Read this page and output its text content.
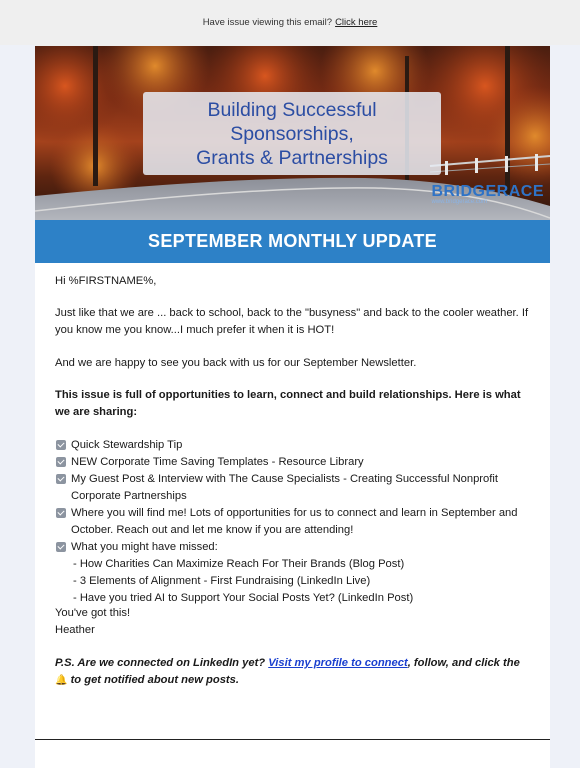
Have issue viewing this email? Click here
Building Successful
Sponsorships,
Grants & Partnerships
BRIDGERACE
www.bridgerace.com
SEPTEMBER MONTHLY UPDATE

Hi %FIRSTNAME%,

Just like that we are ... back to school, back to the "busyness" and back to the cooler weather. If you know me you know...I much prefer it when it is HOT!

And we are happy to see you back with us for our September Newsletter.

This issue is full of opportunities to learn, connect and build relationships. Here is what we are sharing:

Quick Stewardship Tip
NEW Corporate Time Saving Templates - Resource Library
My Guest Post & Interview with The Cause Specialists - Creating Successful Nonprofit Corporate Partnerships
Where you will find me! Lots of opportunities for us to connect and learn in September and October. Reach out and let me know if you are attending!
What you might have missed:
- How Charities Can Maximize Reach For Their Brands (Blog Post)
- 3 Elements of Alignment - First Fundraising (LinkedIn Live)
- Have you tried AI to Support Your Social Posts Yet? (LinkedIn Post)
You've got this!
Heather

P.S. Are we connected on LinkedIn yet? Visit my profile to connect, follow, and click the
🔔 to get notified about new posts.
